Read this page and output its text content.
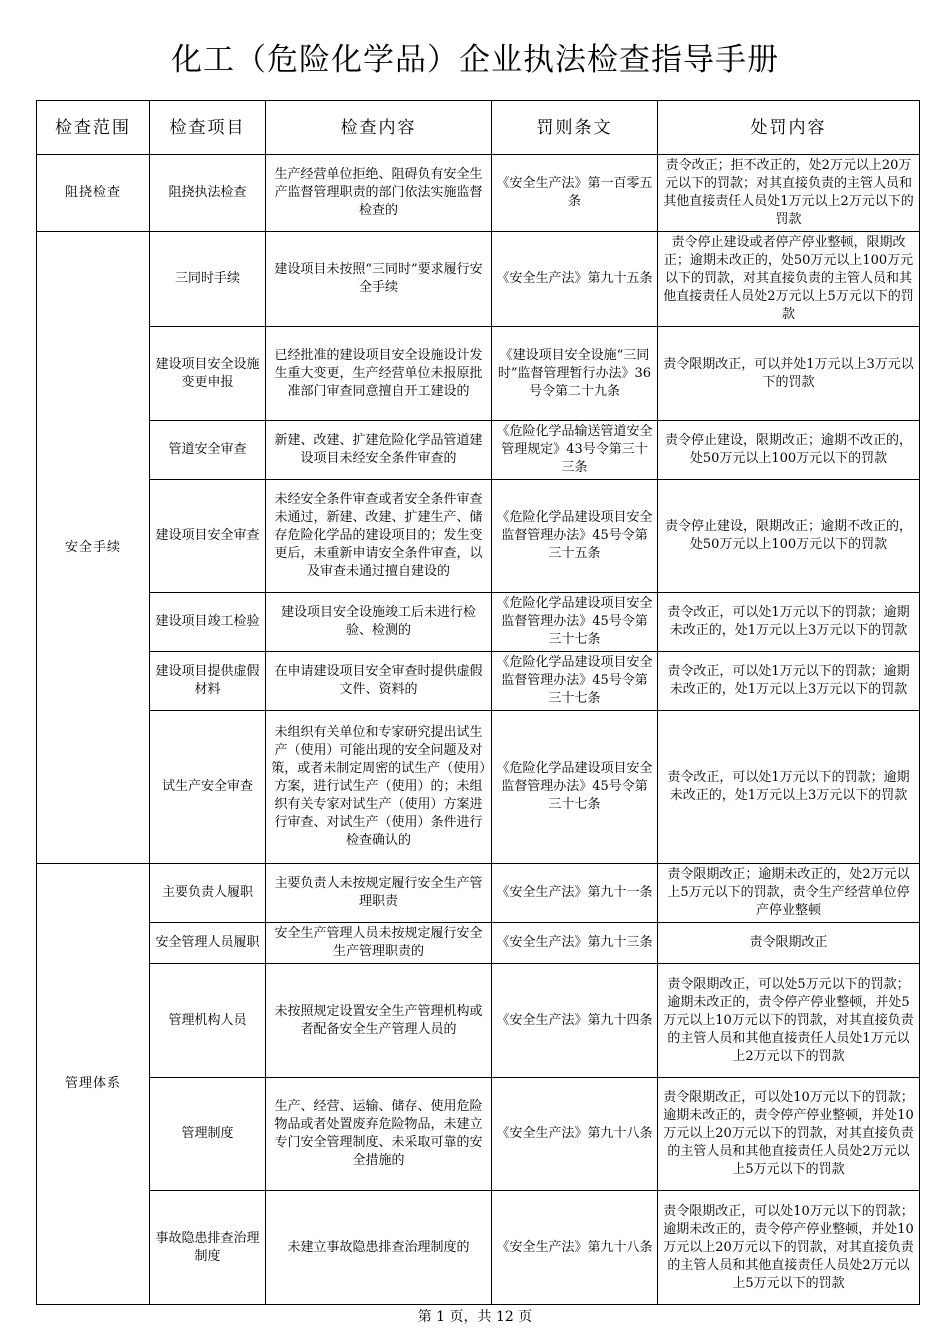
化工（危险化学品）企业执法检查指导手册
检查范围	检查项目	检查内容	罚则条文	处罚内容
阻挠检查	阻挠执法检查	生产经营单位拒绝、阻碍负有安全生产监督管理职责的部门依法实施监督检查的	《安全生产法》第一百零五条	责令改正；拒不改正的，处2万元以上20万元以下的罚款；对其直接负责的主管人员和其他直接责任人员处1万元以上2万元以下的罚款
安全手续	三同时手续	建设项目未按照“三同时”要求履行安全手续	《安全生产法》第九十五条	责令停止建设或者停产停业整顿，限期改正；逾期未改正的，处50万元以上100万元以下的罚款，对其直接负责的主管人员和其他直接责任人员处2万元以上5万元以下的罚款
	建设项目安全设施变更申报	已经批准的建设项目安全设施设计发生重大变更，生产经营单位未报原批准部门审查同意擅自开工建设的	《建设项目安全设施“三同时”监督管理暂行办法》36号令第二十九条	责令限期改正，可以并处1万元以上3万元以下的罚款
	管道安全审查	新建、改建、扩建危险化学品管道建设项目未经安全条件审查的	《危险化学品输送管道安全管理规定》43号令第三十三条	责令停止建设，限期改正；逾期不改正的，处50万元以上100万元以下的罚款
	建设项目安全审查	未经安全条件审查或者安全条件审查未通过，新建、改建、扩建生产、储存危险化学品的建设项目的；发生变更后，未重新申请安全条件审查，以及审查未通过擅自建设的	《危险化学品建设项目安全监督管理办法》45号令第三十五条	责令停止建设，限期改正；逾期不改正的，处50万元以上100万元以下的罚款
	建设项目竣工检验	建设项目安全设施竣工后未进行检验、检测的	《危险化学品建设项目安全监督管理办法》45号令第三十七条	责令改正，可以处1万元以下的罚款；逾期未改正的，处1万元以上3万元以下的罚款
	建设项目提供虚假材料	在申请建设项目安全审查时提供虚假文件、资料的	《危险化学品建设项目安全监督管理办法》45号令第三十七条	责令改正，可以处1万元以下的罚款；逾期未改正的，处1万元以上3万元以下的罚款
	试生产安全审查	未组织有关单位和专家研究提出试生产（使用）可能出现的安全问题及对策，或者未制定周密的试生产（使用）方案，进行试生产（使用）的；未组织有关专家对试生产（使用）方案进行审查、对试生产（使用）条件进行检查确认的	《危险化学品建设项目安全监督管理办法》45号令第三十七条	责令改正，可以处1万元以下的罚款；逾期未改正的，处1万元以上3万元以下的罚款
管理体系	主要负责人履职	主要负责人未按规定履行安全生产管理职责	《安全生产法》第九十一条	责令限期改正；逾期未改正的，处2万元以上5万元以下的罚款，责令生产经营单位停产停业整顿
	安全管理人员履职	安全生产管理人员未按规定履行安全生产管理职责的	《安全生产法》第九十三条	责令限期改正
	管理机构人员	未按照规定设置安全生产管理机构或者配备安全生产管理人员的	《安全生产法》第九十四条	责令限期改正，可以处5万元以下的罚款；逾期未改正的，责令停产停业整顿，并处5万元以上10万元以下的罚款，对其直接负责的主管人员和其他直接责任人员处1万元以上2万元以下的罚款
	管理制度	生产、经营、运输、储存、使用危险物品或者处置废弃危险物品，未建立专门安全管理制度、未采取可靠的安全措施的	《安全生产法》第九十八条	责令限期改正，可以处10万元以下的罚款；逾期未改正的，责令停产停业整顿，并处10万元以上20万元以下的罚款，对其直接负责的主管人员和其他直接责任人员处2万元以上5万元以下的罚款
	事故隐患排查治理制度	未建立事故隐患排查治理制度的	《安全生产法》第九十八条	责令限期改正，可以处10万元以下的罚款；逾期未改正的，责令停产停业整顿，并处10万元以上20万元以下的罚款，对其直接负责的主管人员和其他直接责任人员处2万元以上5万元以下的罚款
第 1 页，共 12 页
